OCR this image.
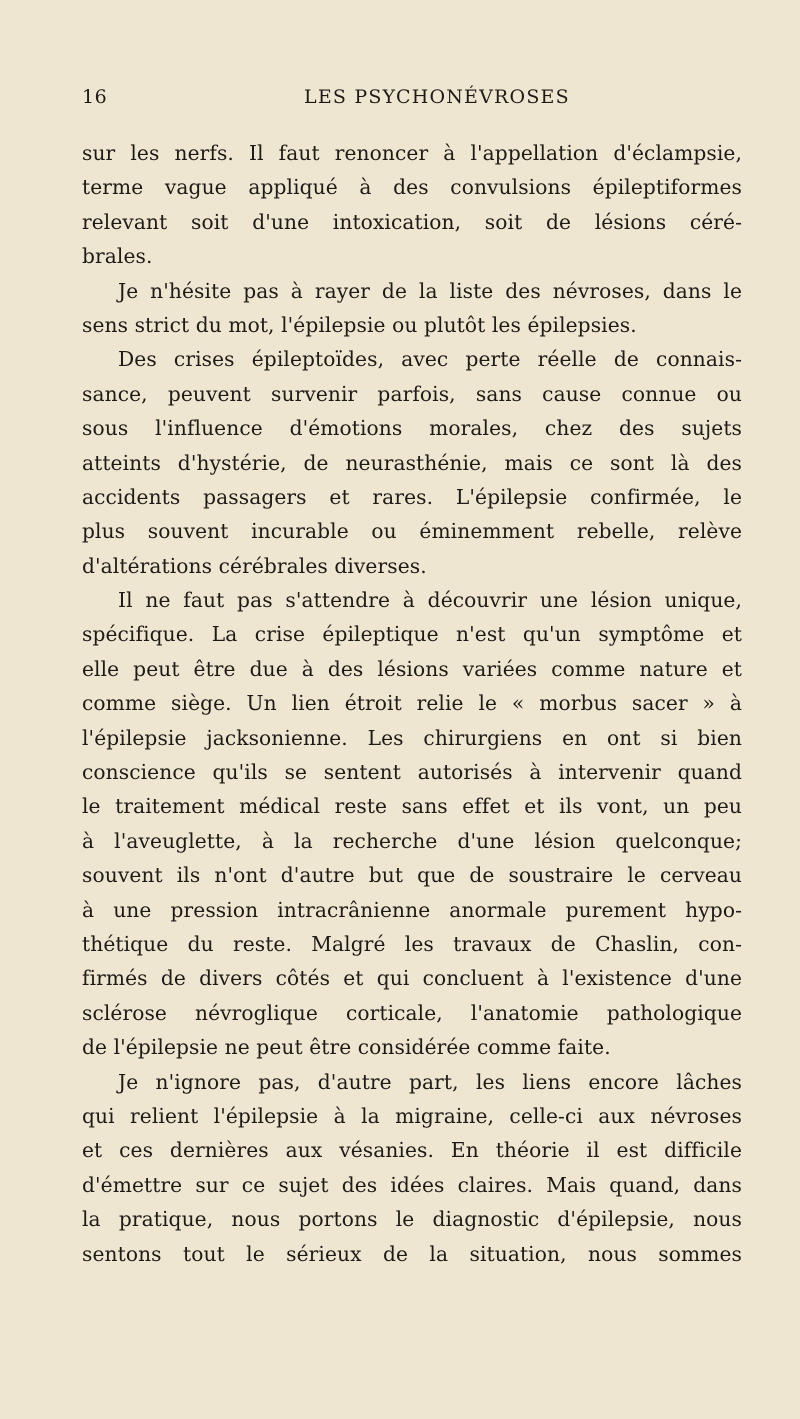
16	LES PSYCHONÉVROSES
sur les nerfs. Il faut renoncer à l'appellation d'éclampsie,
terme vague appliqué à des convulsions épileptiformes
relevant soit d'une intoxication, soit de lésions céré-
brales.
Je n'hésite pas à rayer de la liste des névroses, dans le
sens strict du mot, l'épilepsie ou plutôt les épilepsies.
Des crises épileptoïdes, avec perte réelle de connais-
sance, peuvent survenir parfois, sans cause connue ou
sous l'influence d'émotions morales, chez des sujets
atteints d'hystérie, de neurasthénie, mais ce sont là des
accidents passagers et rares. L'épilepsie confirmée, le
plus souvent incurable ou éminemment rebelle, relève
d'altérations cérébrales diverses.
Il ne faut pas s'attendre à découvrir une lésion unique,
spécifique. La crise épileptique n'est qu'un symptôme et
elle peut être due à des lésions variées comme nature et
comme siège. Un lien étroit relie le « morbus sacer » à
l'épilepsie jacksonienne. Les chirurgiens en ont si bien
conscience qu'ils se sentent autorisés à intervenir quand
le traitement médical reste sans effet et ils vont, un peu
à l'aveuglette, à la recherche d'une lésion quelconque;
souvent ils n'ont d'autre but que de soustraire le cerveau
à une pression intracrânienne anormale purement hypo-
thétique du reste. Malgré les travaux de Chaslin, con-
firmés de divers côtés et qui concluent à l'existence d'une
sclérose névroglique corticale, l'anatomie pathologique
de l'épilepsie ne peut être considérée comme faite.
Je n'ignore pas, d'autre part, les liens encore lâches
qui relient l'épilepsie à la migraine, celle-ci aux névroses
et ces dernières aux vésanies. En théorie il est difficile
d'émettre sur ce sujet des idées claires. Mais quand, dans
la pratique, nous portons le diagnostic d'épilepsie, nous
sentons tout le sérieux de la situation, nous sommes
